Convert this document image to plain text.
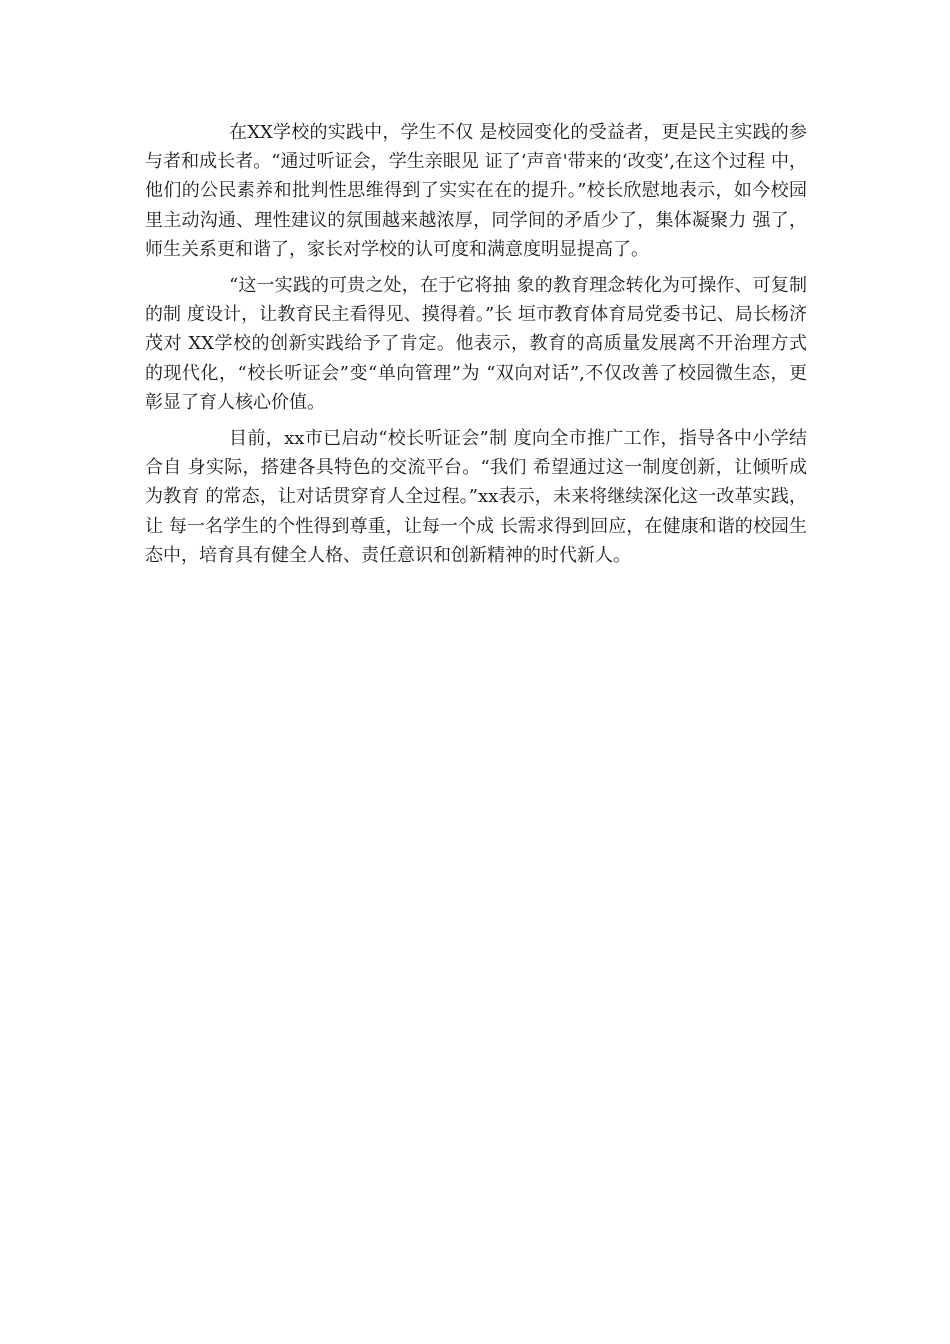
在XX学校的实践中，学生不仅 是校园变化的受益者，更是民主实践的参 与者和成长者。“通过听证会，学生亲眼见 证了‘声音'带来的‘改变’,在这个过程 中，他们的公民素养和批判性思维得到了实实在在的提升。”校长欣慰地表示，如今校园里主动沟通、理性建议的氛围越来越浓厚，同学间的矛盾少了，集体凝聚力 强了，师生关系更和谐了，家长对学校的认可度和满意度明显提高了。

“这一实践的可贵之处，在于它将抽 象的教育理念转化为可操作、可复制的制 度设计，让教育民主看得见、摸得着。”长 垣市教育体育局党委书记、局长杨济茂对 XX学校的创新实践给予了肯定。他表示，教育的高质量发展离不开治理方式 的现代化，“校长听证会”变“单向管理”为 “双向对话”,不仅改善了校园微生态，更 彰显了育人核心价值。

目前，xx市已启动“校长听证会”制 度向全市推广工作，指导各中小学结合自 身实际，搭建各具特色的交流平台。“我们 希望通过这一制度创新，让倾听成为教育 的常态，让对话贯穿育人全过程。”xx表示，未来将继续深化这一改革实践，让 每一名学生的个性得到尊重，让每一个成 长需求得到回应，在健康和谐的校园生态中，培育具有健全人格、责任意识和创新精神的时代新人。
